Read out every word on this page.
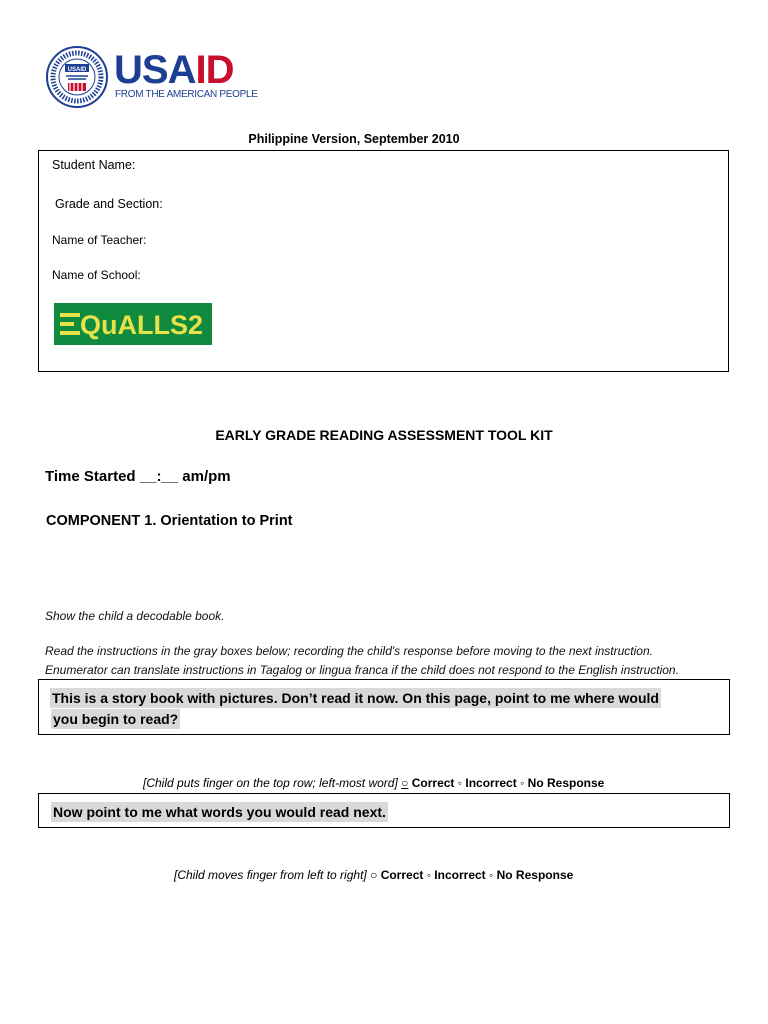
USAID USAID
FROM THE AMERICAN PEOPLE
Philippine Version, September 2010
Student Name:
Grade and Section:
Name of Teacher:
Name of School:
QuALLS2
EARLY GRADE READING ASSESSMENT TOOL KIT
Time Started __:__ am/pm
COMPONENT 1. Orientation to Print
Show the child a decodable book.
Read the instructions in the gray boxes below; recording the child's response before moving to the next instruction.
Enumerator can translate instructions in Tagalog or lingua franca if the child does not respond to the English instruction.
This is a story book with pictures. Don’t read it now. On this page, point to me where would
you begin to read?
[Child puts finger on the top row; left-most word] ○ Correct ◦ Incorrect ◦ No Response
Now point to me what words you would read next.
[Child moves finger from left to right] ○ Correct ◦ Incorrect ◦ No Response
